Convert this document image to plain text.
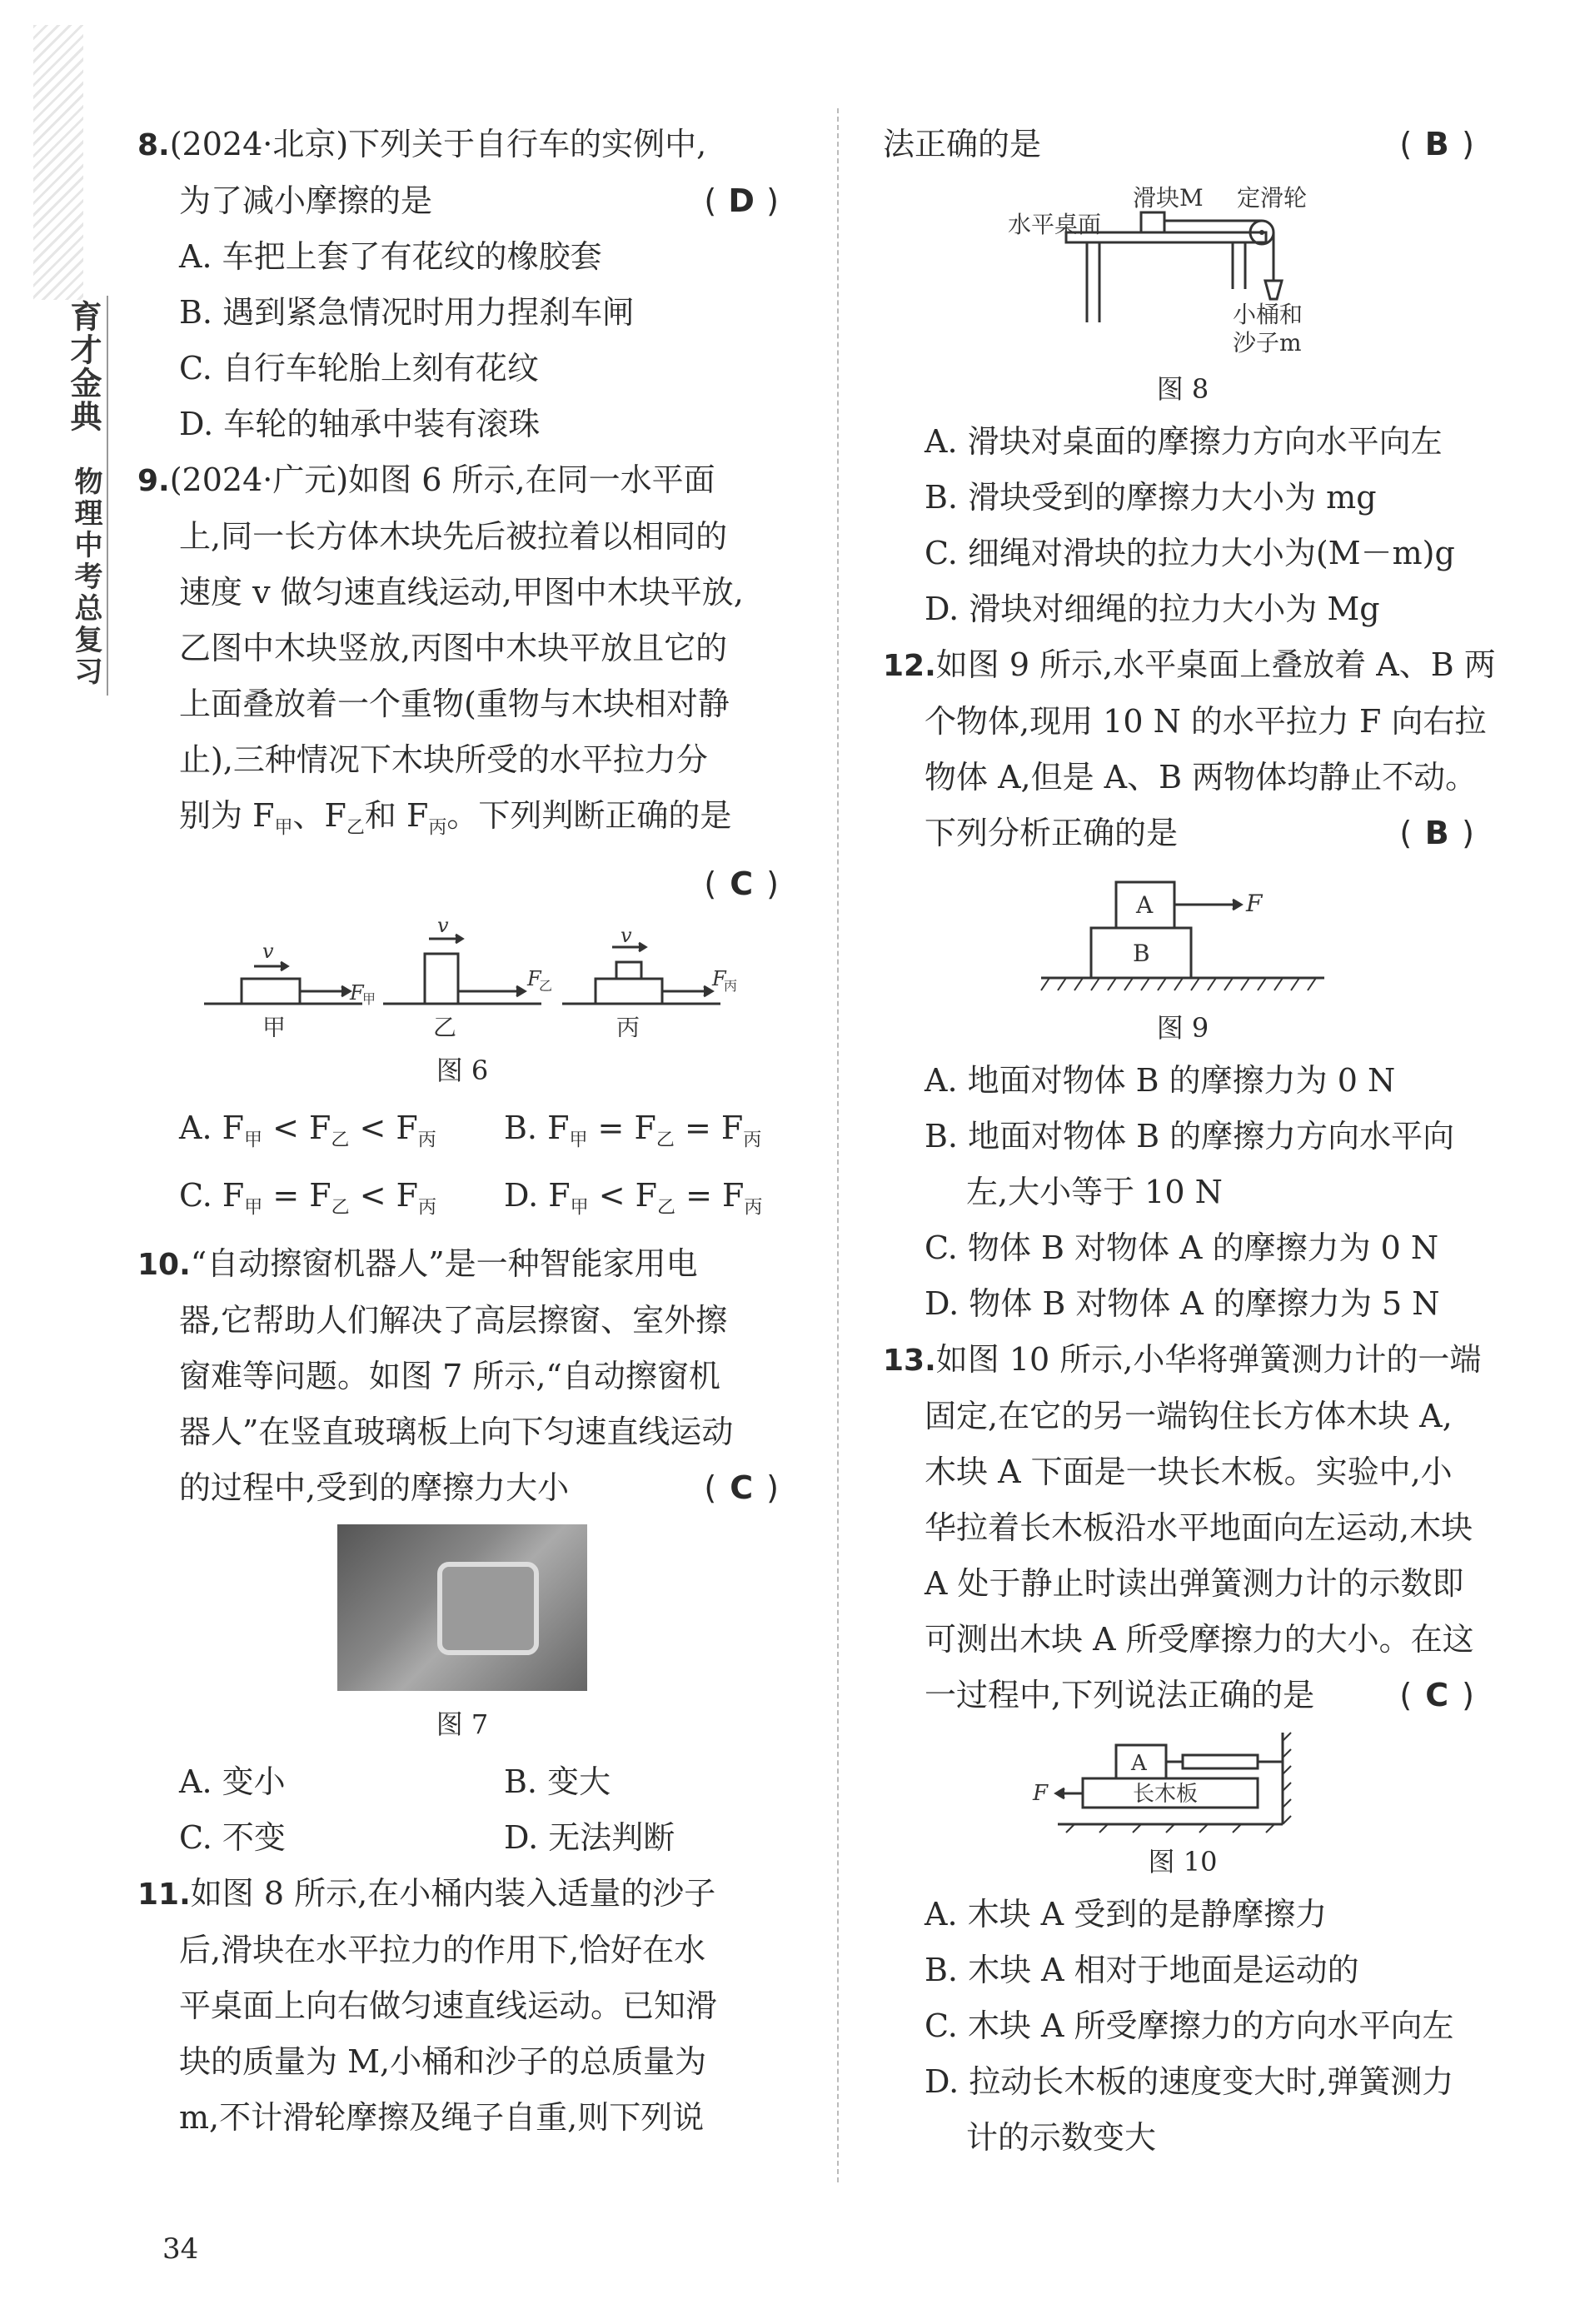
育才金典
物理中考总复习
8.(2024·北京)下列关于自行车的实例中,
为了减小摩擦的是	( D )
A. 车把上套了有花纹的橡胶套
B. 遇到紧急情况时用力捏刹车闸
C. 自行车轮胎上刻有花纹
D. 车轮的轴承中装有滚珠
9.(2024·广元)如图 6 所示,在同一水平面
上,同一长方体木块先后被拉着以相同的
速度 v 做匀速直线运动,甲图中木块平放,
乙图中木块竖放,丙图中木块平放且它的
上面叠放着一个重物(重物与木块相对静
止),三种情况下木块所受的水平拉力分
别为 $F_甲$、$F_乙$和 $F_丙$。下列判断正确的是
( C )

v
v	v
F
F	F
甲
乙	丙
甲	乙	丙
图 6
A. $F_甲 < F_乙 < F_丙$	B. $F_甲 = F_乙 = F_丙$
C. $F_甲 = F_乙 < F_丙$	D. $F_甲 < F_乙 = F_丙$
10.“自动擦窗机器人”是一种智能家用电
器,它帮助人们解决了高层擦窗、室外擦
窗难等问题。如图 7 所示,“自动擦窗机
器人”在竖直玻璃板上向下匀速直线运动
的过程中,受到的摩擦力大小	( C )
图 7
A. 变小	B. 变大
C. 不变	D. 无法判断
11.如图 8 所示,在小桶内装入适量的沙子
后,滑块在水平拉力的作用下,恰好在水
平桌面上向右做匀速直线运动。已知滑
块的质量为 M,小桶和沙子的总质量为
m,不计滑轮摩擦及绳子自重,则下列说
法正确的是	( B )
水平桌面
滑块M 定滑轮
小桶和
沙子m
图 8
A. 滑块对桌面的摩擦力方向水平向左
B. 滑块受到的摩擦力大小为 mg
C. 细绳对滑块的拉力大小为(M－m)g
D. 滑块对细绳的拉力大小为 Mg
12.如图 9 所示,水平桌面上叠放着 A、B 两
个物体,现用 10 N 的水平拉力 F 向右拉
物体 A,但是 A、B 两物体均静止不动。
下列分析正确的是	( B )
A
B
F
图 9
A. 地面对物体 B 的摩擦力为 0 N
B. 地面对物体 B 的摩擦力方向水平向
左,大小等于 10 N
C. 物体 B 对物体 A 的摩擦力为 0 N
D. 物体 B 对物体 A 的摩擦力为 5 N
13.如图 10 所示,小华将弹簧测力计的一端
固定,在它的另一端钩住长方体木块 A,
木块 A 下面是一块长木板。实验中,小
华拉着长木板沿水平地面向左运动,木块
A 处于静止时读出弹簧测力计的示数即
可测出木块 A 所受摩擦力的大小。在这
一过程中,下列说法正确的是	( C )
A
长木板
F
图 10
A. 木块 A 受到的是静摩擦力
B. 木块 A 相对于地面是运动的
C. 木块 A 所受摩擦力的方向水平向左
D. 拉动长木板的速度变大时,弹簧测力
计的示数变大
34
